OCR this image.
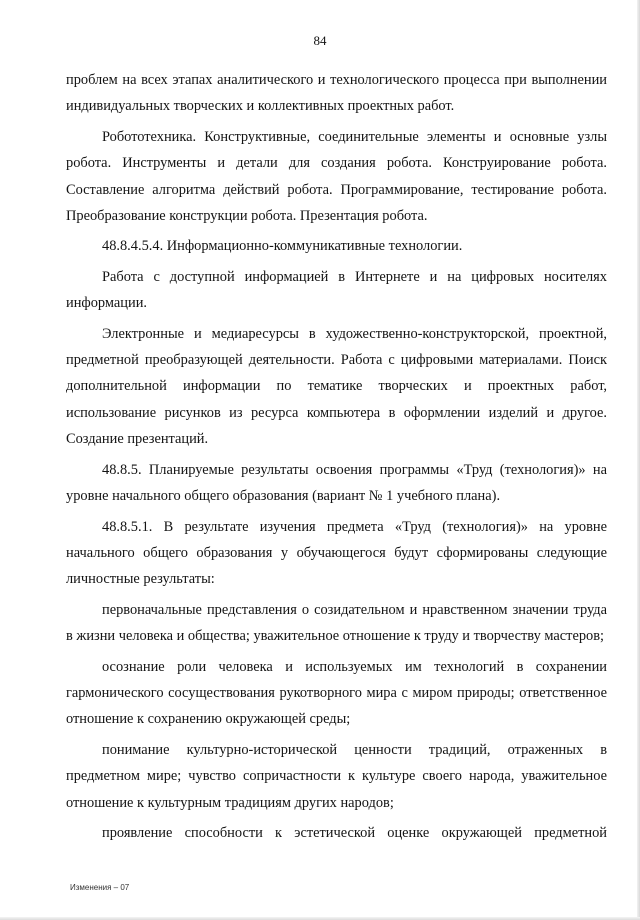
84

проблем на всех этапах аналитического и технологического процесса при выполнении индивидуальных творческих и коллективных проектных работ.

Робототехника. Конструктивные, соединительные элементы и основные узлы робота. Инструменты и детали для создания робота. Конструирование робота. Составление алгоритма действий робота. Программирование, тестирование робота. Преобразование конструкции робота. Презентация робота.

48.8.4.5.4. Информационно-коммуникативные технологии.

Работа с доступной информацией в Интернете и на цифровых носителях информации.

Электронные и медиаресурсы в художественно-конструкторской, проектной, предметной преобразующей деятельности. Работа с цифровыми материалами. Поиск дополнительной информации по тематике творческих и проектных работ, использование рисунков из ресурса компьютера в оформлении изделий и другое. Создание презентаций.

48.8.5. Планируемые результаты освоения программы «Труд (технология)» на уровне начального общего образования (вариант № 1 учебного плана).

48.8.5.1. В результате изучения предмета «Труд (технология)» на уровне начального общего образования у обучающегося будут сформированы следующие личностные результаты:

первоначальные представления о созидательном и нравственном значении труда в жизни человека и общества; уважительное отношение к труду и творчеству мастеров;

осознание роли человека и используемых им технологий в сохранении гармонического сосуществования рукотворного мира с миром природы; ответственное отношение к сохранению окружающей среды;

понимание культурно-исторической ценности традиций, отраженных в предметном мире; чувство сопричастности к культуре своего народа, уважительное отношение к культурным традициям других народов;

проявление способности к эстетической оценке окружающей предметной

Изменения – 07
